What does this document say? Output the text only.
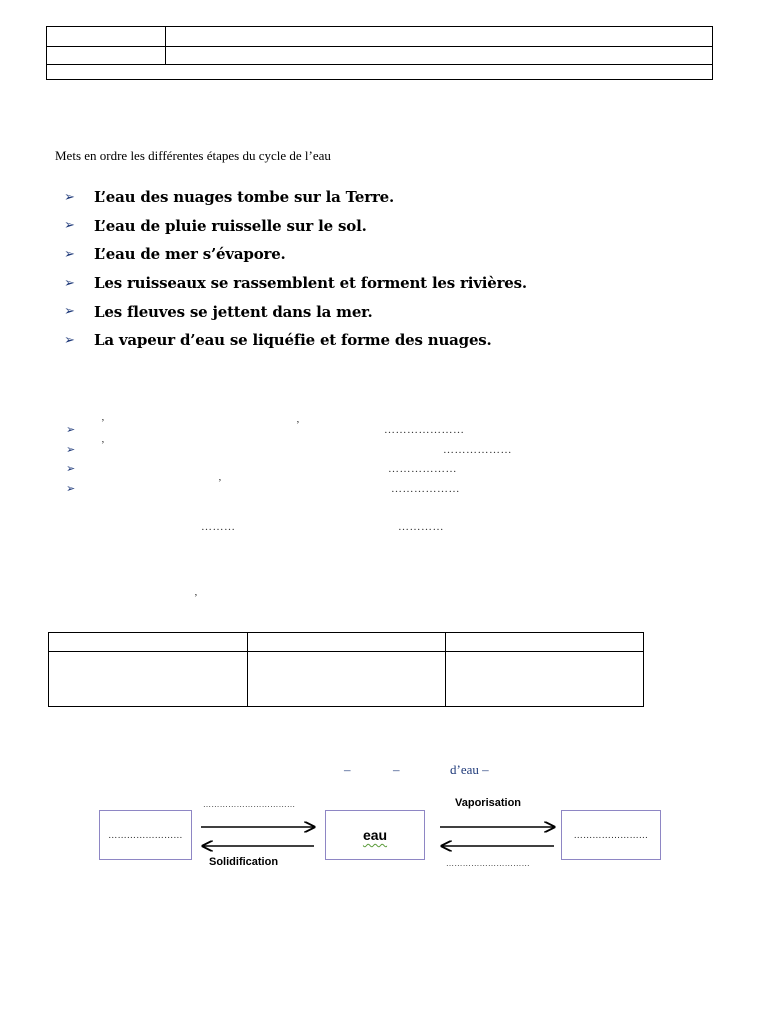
Mets en ordre les différentes étapes du cycle de l’eau
➢	L’eau des nuages tombe sur la Terre.
➢	L’eau de pluie ruisselle sur le sol.
➢	L’eau de mer s’évapore.
➢	Les ruisseaux se rassemblent et forment les rivières.
➢	Les fleuves se jettent dans la mer.
➢	La vapeur d’eau se liquéfie et forme des nuages.
➢
➢
➢
➢
’	’
’
’
’
…………………
………………
………………
………………
………	…………
–	–	d’eau –
……………………	eau	……………………
……………………………
Solidification
Vaporisation
…………………………
